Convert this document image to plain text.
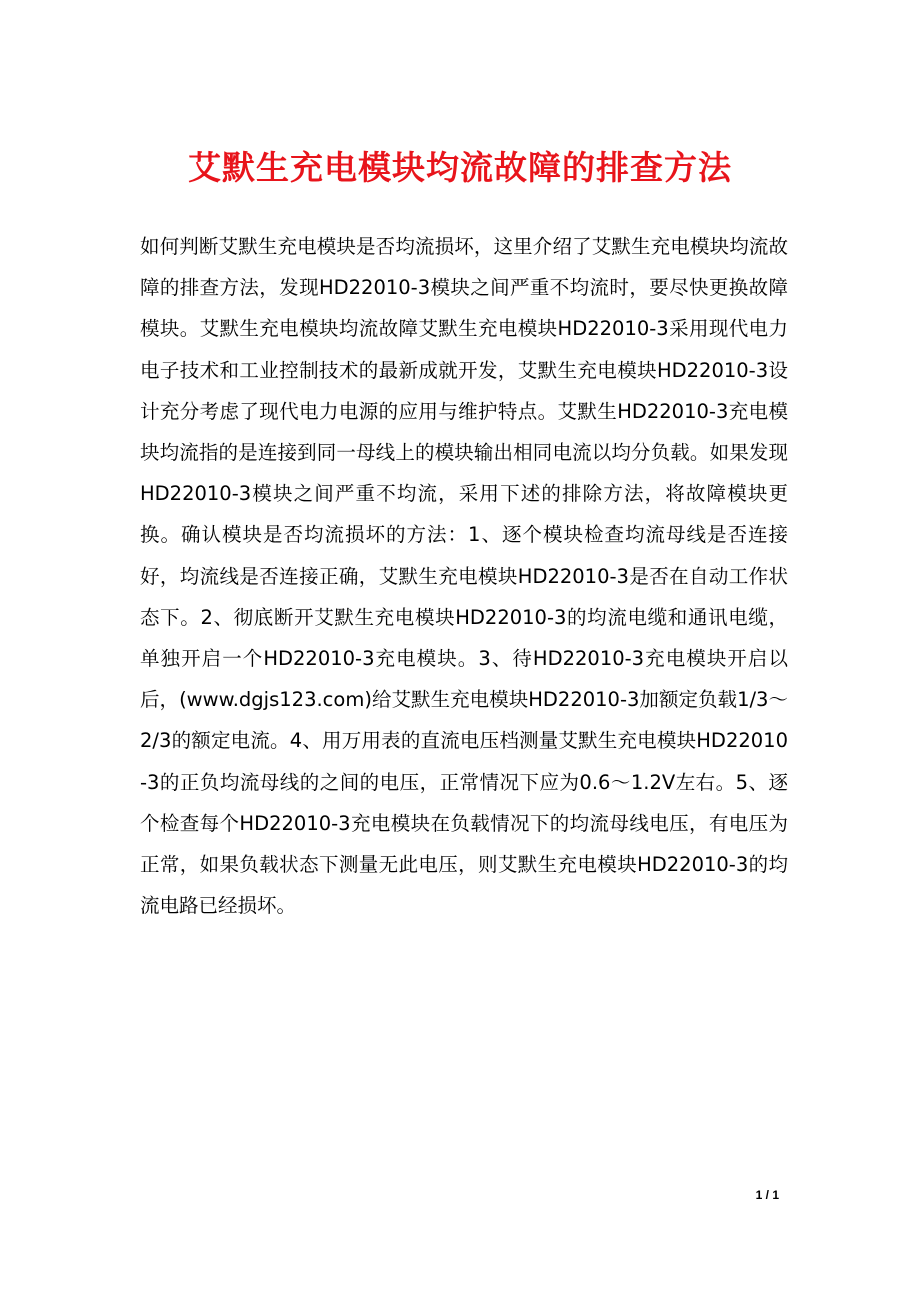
艾默生充电模块均流故障的排查方法

如何判断艾默生充电模块是否均流损坏，这里介绍了艾默生充电模块均流故障的排查方法，发现HD22010-3模块之间严重不均流时，要尽快更换故障模块。艾默生充电模块均流故障艾默生充电模块HD22010-3采用现代电力电子技术和工业控制技术的最新成就开发，艾默生充电模块HD22010-3设计充分考虑了现代电力电源的应用与维护特点。艾默生HD22010-3充电模块均流指的是连接到同一母线上的模块输出相同电流以均分负载。如果发现HD22010-3模块之间严重不均流，采用下述的排除方法，将故障模块更换。确认模块是否均流损坏的方法：1、逐个模块检查均流母线是否连接好，均流线是否连接正确，艾默生充电模块HD22010-3是否在自动工作状态下。2、彻底断开艾默生充电模块HD22010-3的均流电缆和通讯电缆，单独开启一个HD22010-3充电模块。3、待HD22010-3充电模块开启以后，(www.dgjs123.com)给艾默生充电模块HD22010-3加额定负载1/3～2/3的额定电流。4、用万用表的直流电压档测量艾默生充电模块HD22010-3的正负均流母线的之间的电压，正常情况下应为0.6～1.2V左右。5、逐个检查每个HD22010-3充电模块在负载情况下的均流母线电压，有电压为正常，如果负载状态下测量无此电压，则艾默生充电模块HD22010-3的均流电路已经损坏。

1 / 1
